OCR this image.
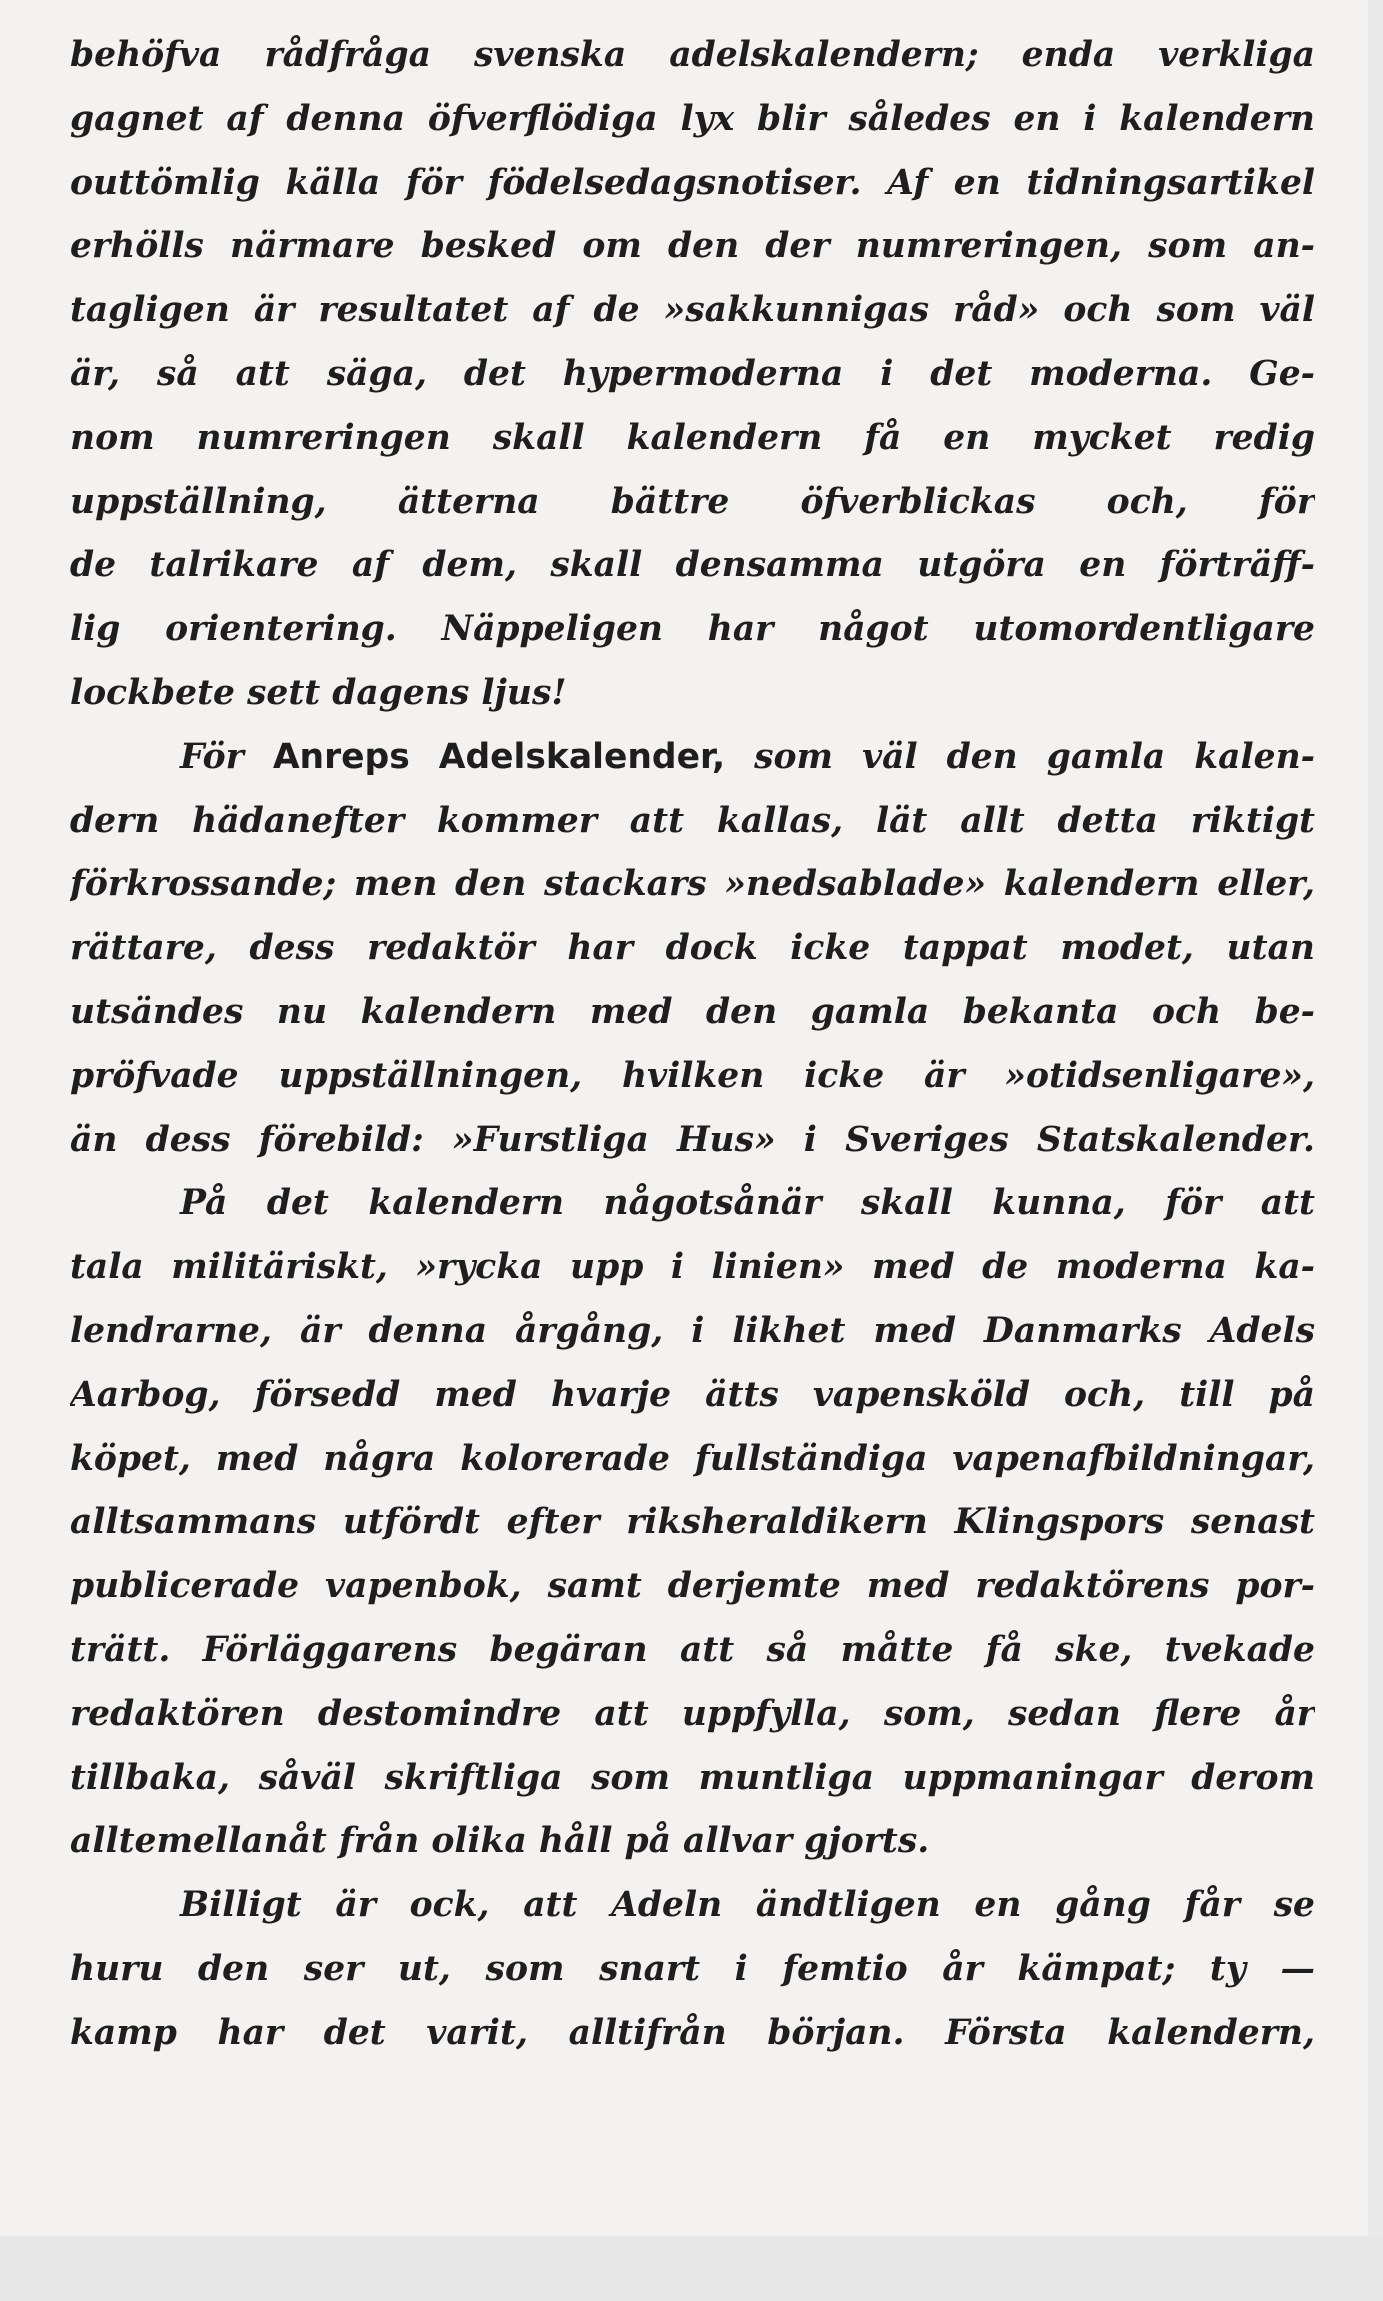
behöfva rådfråga svenska adelskalendern; enda verkliga
gagnet af denna öfverflödiga lyx blir således en i kalendern
outtömlig källa för födelsedagsnotiser. Af en tidningsartikel
erhölls närmare besked om den der numreringen, som an-
tagligen är resultatet af de »sakkunnigas råd» och som väl
är, så att säga, det hypermoderna i det moderna. Ge-
nom numreringen skall kalendern få en mycket redig
uppställning, ätterna bättre öfverblickas och, för
de talrikare af dem, skall densamma utgöra en förträff-
lig orientering. Näppeligen har något utomordentligare
lockbete sett dagens ljus!
För Anreps Adelskalender, som väl den gamla kalen-
dern hädanefter kommer att kallas, lät allt detta riktigt
förkrossande; men den stackars »nedsablade» kalendern eller,
rättare, dess redaktör har dock icke tappat modet, utan
utsändes nu kalendern med den gamla bekanta och be-
pröfvade uppställningen, hvilken icke är »otidsenligare»,
än dess förebild: »Furstliga Hus» i Sveriges Statskalender.
På det kalendern någotsånär skall kunna, för att
tala militäriskt, »rycka upp i linien» med de moderna ka-
lendrarne, är denna årgång, i likhet med Danmarks Adels
Aarbog, försedd med hvarje ätts vapensköld och, till på
köpet, med några kolorerade fullständiga vapenafbildningar,
alltsammans utfördt efter riksheraldikern Klingspors senast
publicerade vapenbok, samt derjemte med redaktörens por-
trätt. Förläggarens begäran att så måtte få ske, tvekade
redaktören destomindre att uppfylla, som, sedan flere år
tillbaka, såväl skriftliga som muntliga uppmaningar derom
alltemellanåt från olika håll på allvar gjorts.
Billigt är ock, att Adeln ändtligen en gång får se
huru den ser ut, som snart i femtio år kämpat; ty —
kamp har det varit, alltifrån början. Första kalendern,
